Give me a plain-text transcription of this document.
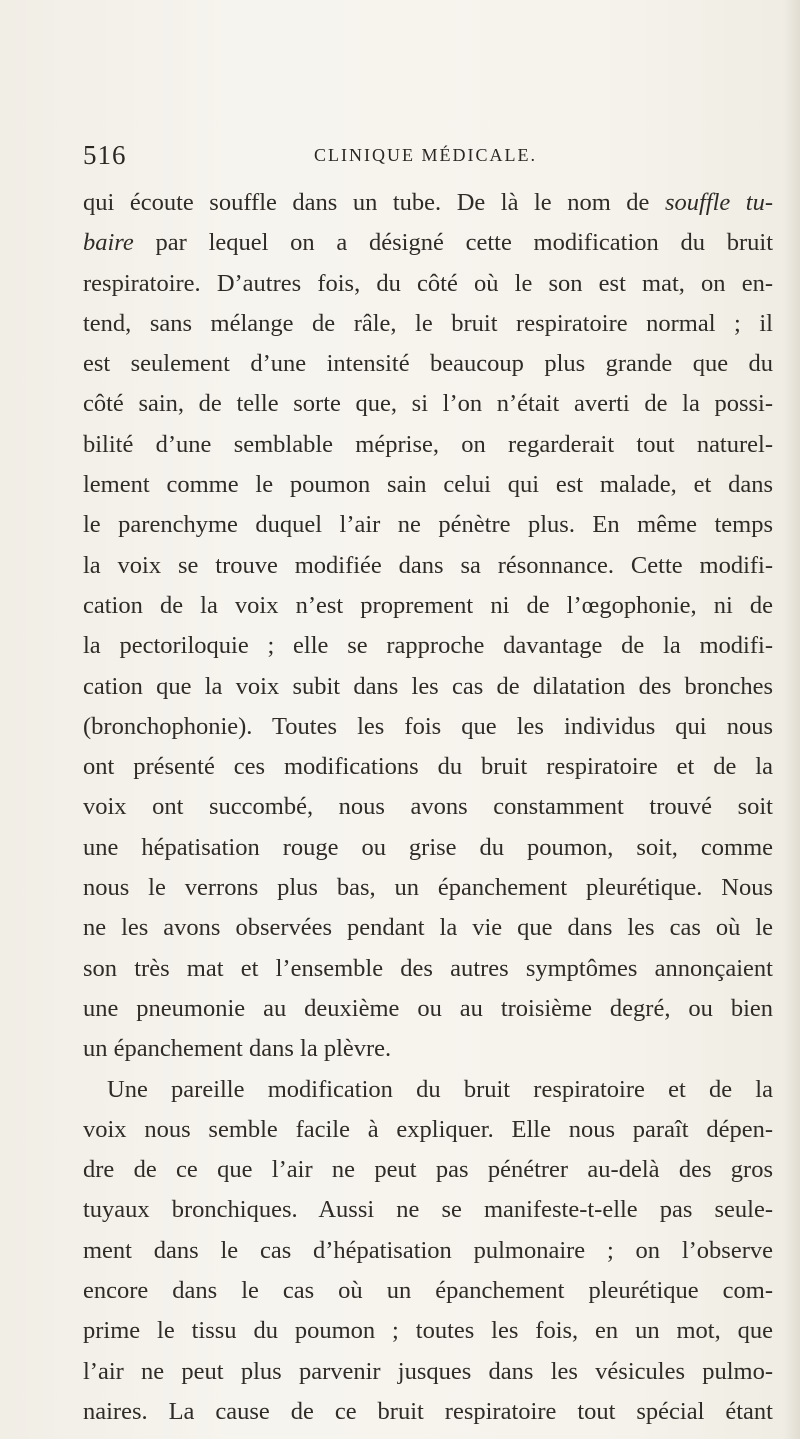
516	CLINIQUE MÉDICALE.
qui écoute souffle dans un tube. De là le nom de souffle tu-
baire par lequel on a désigné cette modification du bruit
respiratoire. D’autres fois, du côté où le son est mat, on en-
tend, sans mélange de râle, le bruit respiratoire normal ; il
est seulement d’une intensité beaucoup plus grande que du
côté sain, de telle sorte que, si l’on n’était averti de la possi-
bilité d’une semblable méprise, on regarderait tout naturel-
lement comme le poumon sain celui qui est malade, et dans
le parenchyme duquel l’air ne pénètre plus. En même temps
la voix se trouve modifiée dans sa résonnance. Cette modifi-
cation de la voix n’est proprement ni de l’œgophonie, ni de
la pectoriloquie ; elle se rapproche davantage de la modifi-
cation que la voix subit dans les cas de dilatation des bronches
(bronchophonie). Toutes les fois que les individus qui nous
ont présenté ces modifications du bruit respiratoire et de la
voix ont succombé, nous avons constamment trouvé soit
une hépatisation rouge ou grise du poumon, soit, comme
nous le verrons plus bas, un épanchement pleurétique. Nous
ne les avons observées pendant la vie que dans les cas où le
son très mat et l’ensemble des autres symptômes annonçaient
une pneumonie au deuxième ou au troisième degré, ou bien
un épanchement dans la plèvre.
Une pareille modification du bruit respiratoire et de la
voix nous semble facile à expliquer. Elle nous paraît dépen-
dre de ce que l’air ne peut pas pénétrer au-delà des gros
tuyaux bronchiques. Aussi ne se manifeste-t-elle pas seule-
ment dans le cas d’hépatisation pulmonaire ; on l’observe
encore dans le cas où un épanchement pleurétique com-
prime le tissu du poumon ; toutes les fois, en un mot, que
l’air ne peut plus parvenir jusques dans les vésicules pulmo-
naires. La cause de ce bruit respiratoire tout spécial étant
